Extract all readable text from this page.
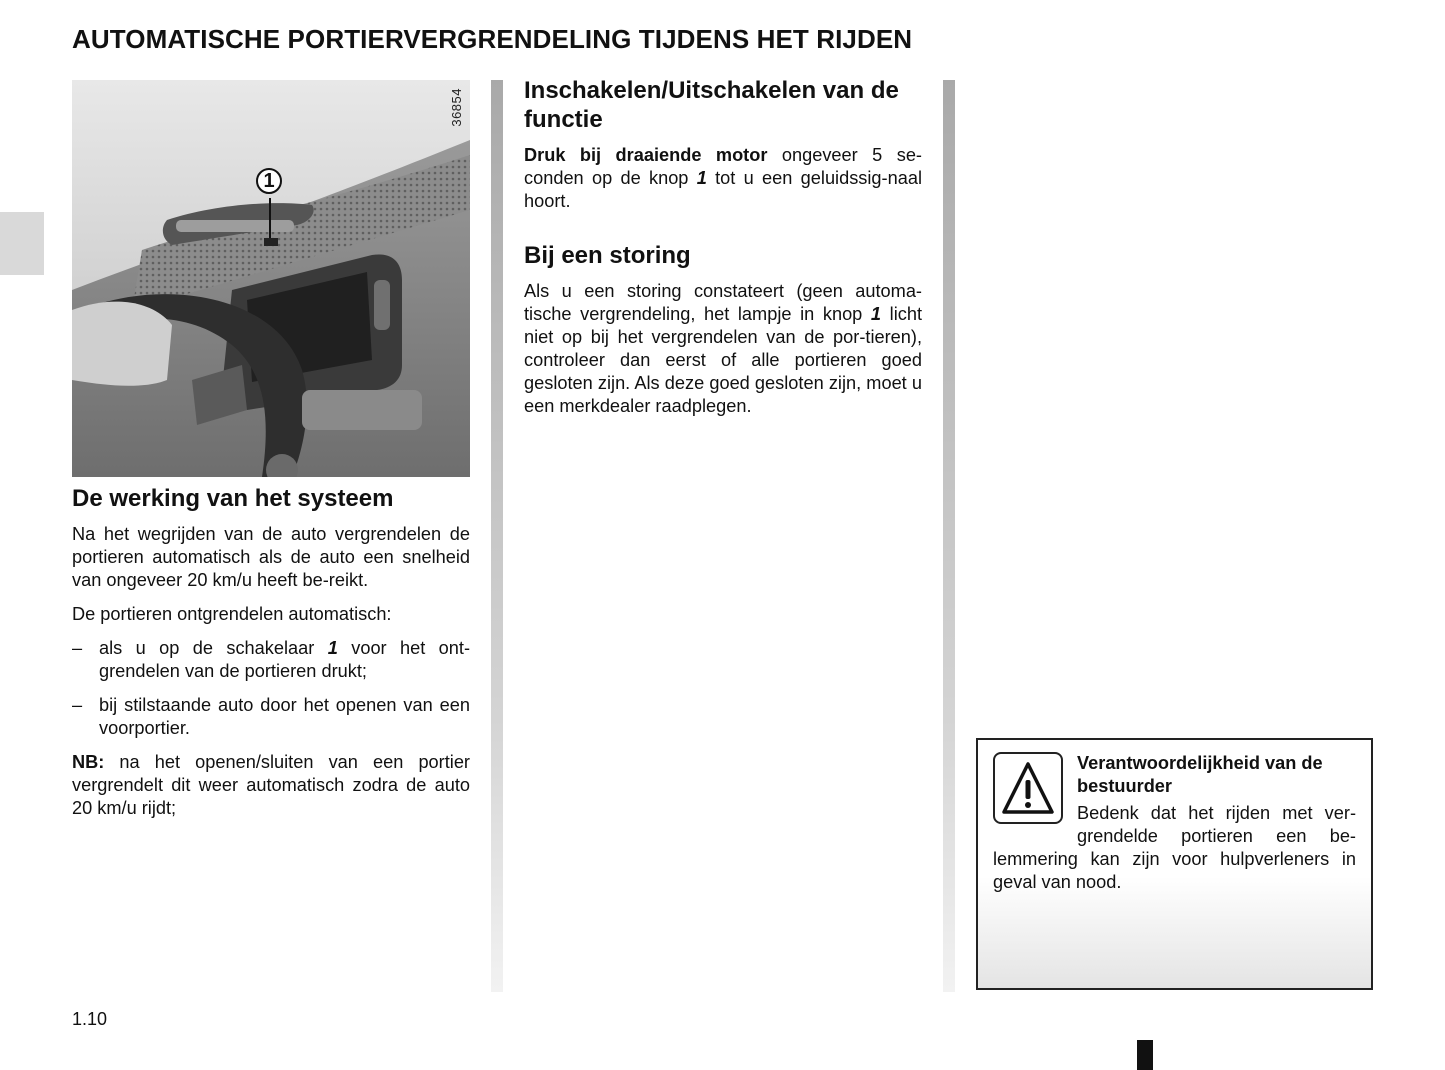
AUTOMATISCHE PORTIERVERGRENDELING TIJDENS HET RIJDEN
36854
1
De werking van het systeem

Na het wegrijden van de auto vergrendelen de portieren automatisch als de auto een snelheid van ongeveer 20 km/u heeft be-reikt.

De portieren ontgrendelen automatisch:

– als u op de schakelaar 1 voor het ont-grendelen van de portieren drukt;
– bij stilstaande auto door het openen van een voorportier.

NB: na het openen/sluiten van een portier vergrendelt dit weer automatisch zodra de auto 20 km/u rijdt;

Inschakelen/Uitschakelen van de functie

Druk bij draaiende motor ongeveer 5 se-conden op de knop 1 tot u een geluidssig-naal hoort.

Bij een storing

Als u een storing constateert (geen automa-tische vergrendeling, het lampje in knop 1 licht niet op bij het vergrendelen van de por-tieren), controleer dan eerst of alle portieren goed gesloten zijn. Als deze goed gesloten zijn, moet u een merkdealer raadplegen.

Verantwoordelijkheid van de bestuurder

Bedenk dat het rijden met ver-grendelde portieren een be-lemmering kan zijn voor hulpverleners in geval van nood.

1.10
